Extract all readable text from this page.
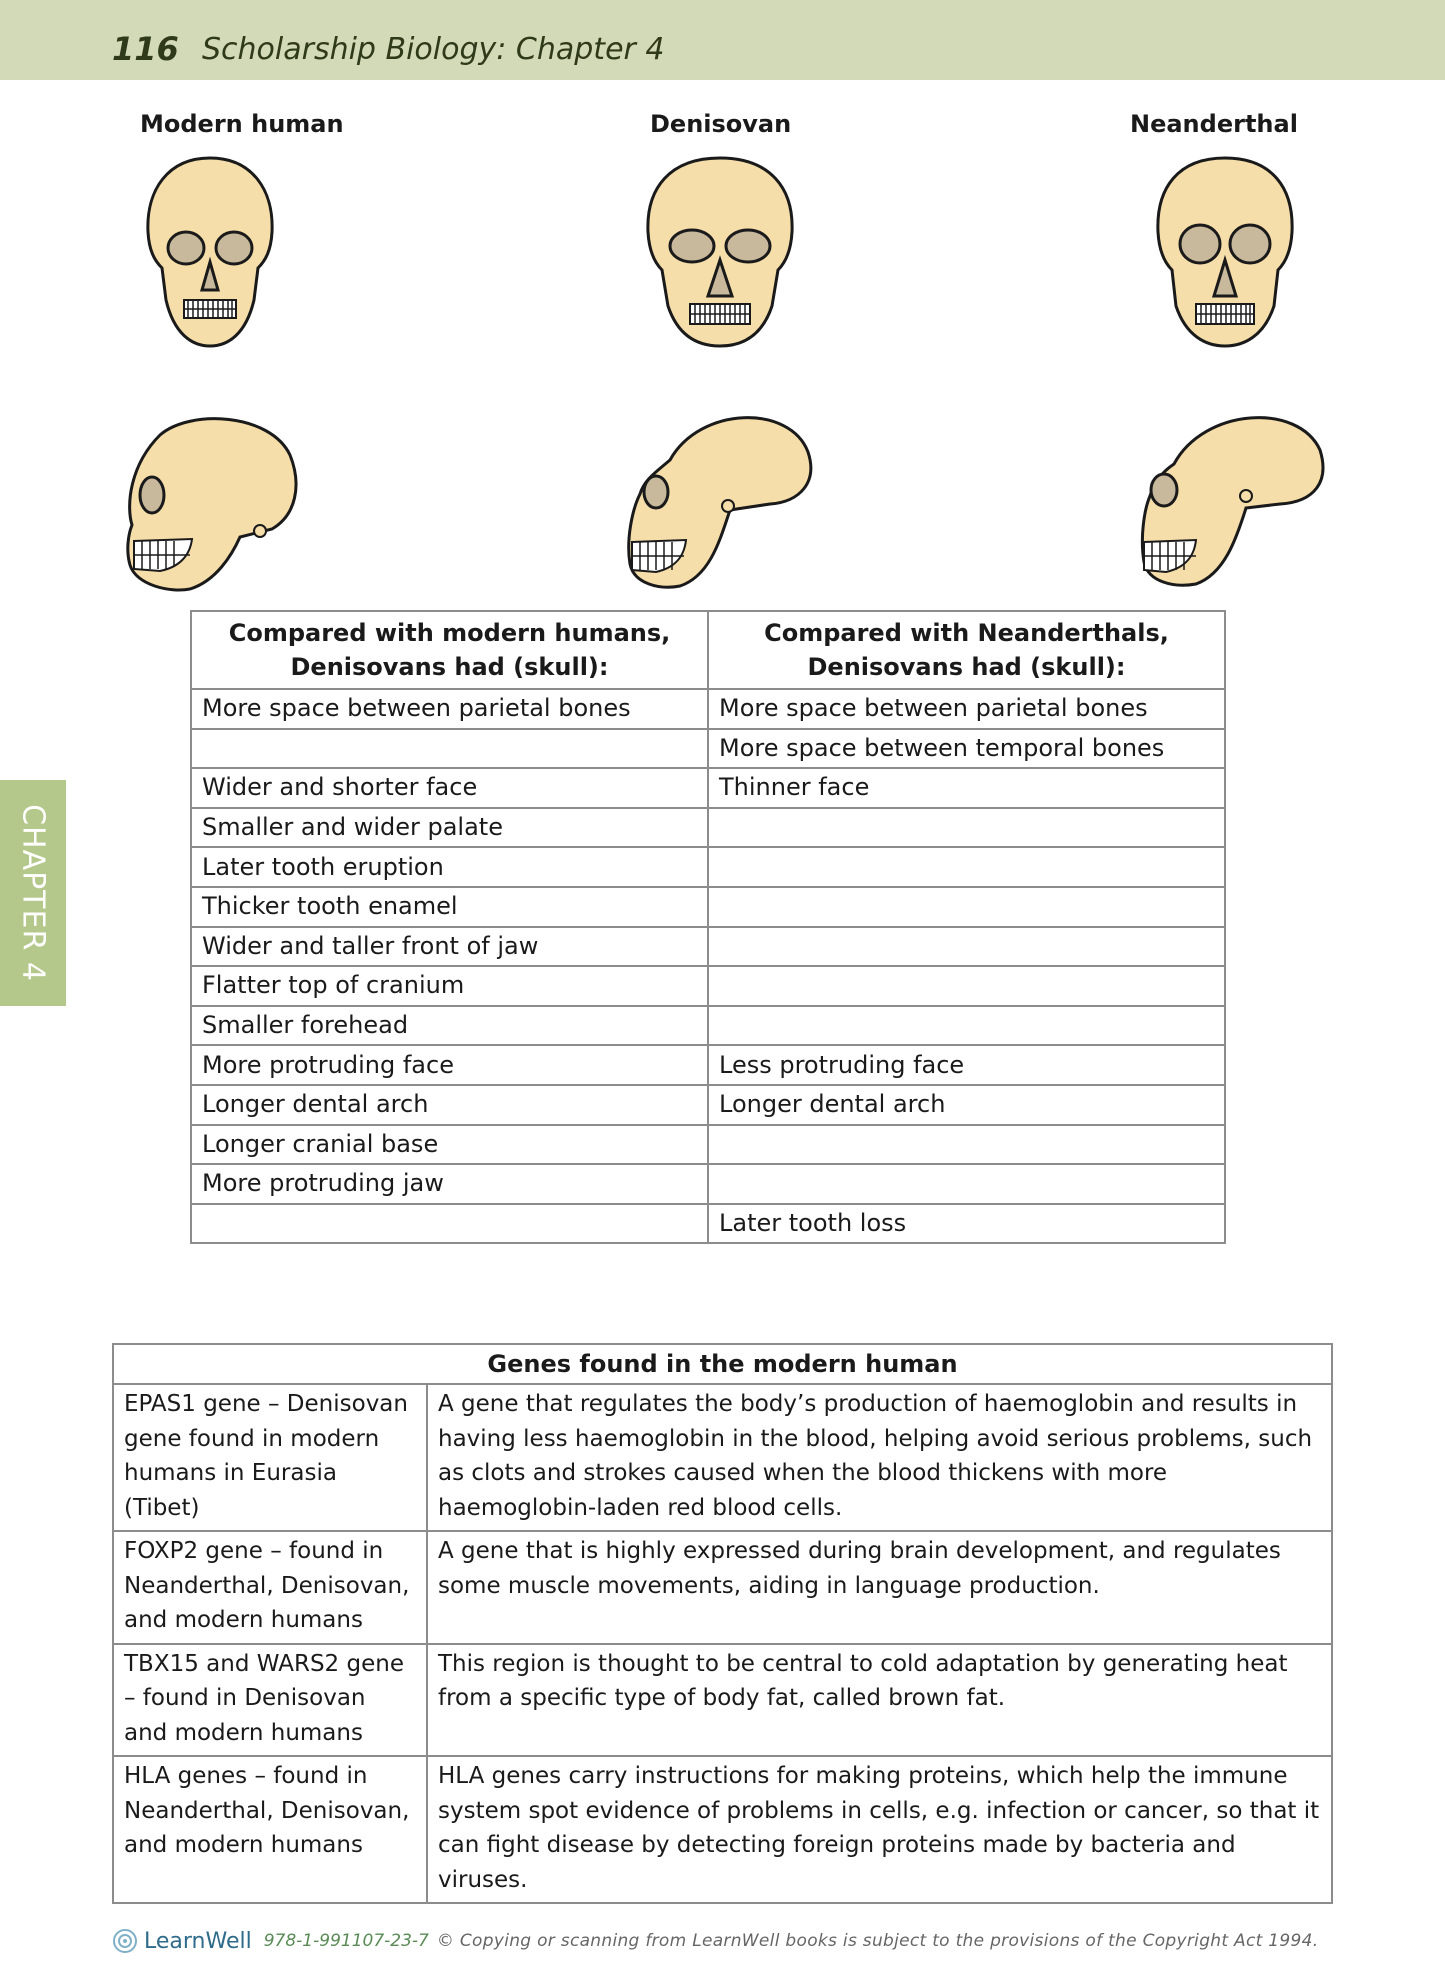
116 Scholarship Biology: Chapter 4
CHAPTER 4
Modern human	Denisovan	Neanderthal
Compared with modern humans, Denisovans had (skull):	Compared with Neanderthals, Denisovans had (skull):
More space between parietal bones	More space between parietal bones
	More space between temporal bones
Wider and shorter face	Thinner face
Smaller and wider palate	
Later tooth eruption	
Thicker tooth enamel	
Wider and taller front of jaw	
Flatter top of cranium	
Smaller forehead	
More protruding face	Less protruding face
Longer dental arch	Longer dental arch
Longer cranial base	
More protruding jaw	
	Later tooth loss
Genes found in the modern human	
EPAS1 gene – Denisovan gene found in modern humans in Eurasia (Tibet)	A gene that regulates the body’s production of haemoglobin and results in having less haemoglobin in the blood, helping avoid serious problems, such as clots and strokes caused when the blood thickens with more haemoglobin-laden red blood cells.
FOXP2 gene – found in Neanderthal, Denisovan, and modern humans	A gene that is highly expressed during brain development, and regulates some muscle movements, aiding in language production.
TBX15 and WARS2 gene – found in Denisovan and modern humans	This region is thought to be central to cold adaptation by generating heat from a specific type of body fat, called brown fat.
HLA genes – found in Neanderthal, Denisovan, and modern humans	HLA genes carry instructions for making proteins, which help the immune system spot evidence of problems in cells, e.g. infection or cancer, so that it can fight disease by detecting foreign proteins made by bacteria and viruses.
LearnWell 978-1-991107-23-7 © Copying or scanning from LearnWell books is subject to the provisions of the Copyright Act 1994.
